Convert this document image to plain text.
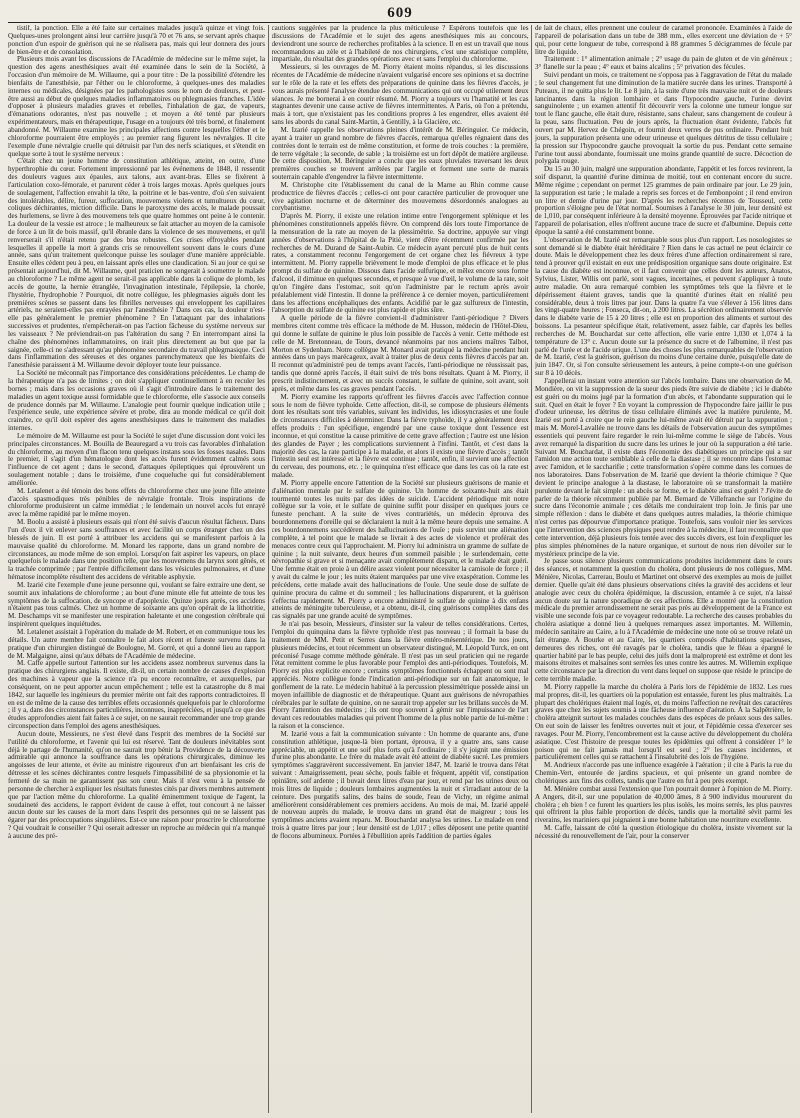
609

tistif, la ponction. Elle a été faite sur certaines malades jusqu'à quinze et vingt fois. Quelques-unes prolongent ainsi leur carrière jusqu'à 70 et 76 ans, se servant après chaque ponction d'un espoir de guérison qui ne se réalisera pas, mais qui leur donnera des jours de bien-être et de consolation.

Plusieurs mois avant les discussions de l'Académie de médecine sur le même sujet, la question des agens anesthésiques avait été examinée dans le sein de la Société, à l'occasion d'un mémoire de M. Willaume, qui a pour titre : De la possibilité d'étendre les bienfaits de l'anesthésie, par l'éther ou le chloroforme, à quelques-unes des maladies internes ou médicales, désignées par les pathologistes sous le nom de douleurs, et peut-être aussi au début de quelques maladies inflammatoires ou phlegmasies franches. L'idée d'opposer à plusieurs maladies graves et rebelles, l'inhalation de gaz, de vapeurs, d'émanations odorantes, n'est pas nouvelle ; et moyen a été tenté par plusieurs expérimentateurs, mais en thérapeutique, l'usage en a toujours été très borné, et finalement abandonné. M. Willaume examine les principales affections contre lesquelles l'éther et le chloroforme pourraient être employés ; au premier rang figurent les névralgies. Il cite l'exemple d'une névralgie cruelle qui détruisit par l'un des nerfs sciatiques, et s'étendit en quelque sorte à tout le système nerveux :

C'était chez un jeune homme de constitution athlétique, atteint, en outre, d'une hyperthrophie du cœur. Fortement impressionné par les événemens de 1848, il ressentit des douleurs vagues aux épaules, aux talons, aux avant-bras. Elles se fixèrent à l'articulation coxo-fémorale, et parurent céder à trois larges moxas. Après quelques jours de soulagement, l'affection envahit la tête, la poitrine et le bas-ventre, d'où s'en suivaient des intolérables, délire, fureur, suffocation, mouvemens violens et tumultueux du cœur, coliques déchirantes, miction difficile. Dans le paroxysme des accès, le malade poussait des hurlemens, se livre à des mouvemens tels que quatre hommes ont peine à le contenir. La douleur de la vessie est atroce ; le malheureux se fait attacher au moyen de la camisole de force à un lit de bois massif, qu'il ébranle dans la violence de ses mouvemens, et qu'il renverserait s'il n'était retenu par des bras robustes. Ces crises effroyables pendant lesquelles il appelle la mort à grands cris se renouvellent souvent dans le cours d'une année, sans qu'un traitement quelconque puisse les soulager d'une manière appréciable. Ensuite elles cèdent peu à peu, en laissant après elles une claudication. Si au jour ce qui se présentait aujourd'hui, dit M. Willaume, quel praticien ne songerait à soumettre le malade au chloroforme ? Le même agent ne serait-il pas applicable dans la colique de plomb, les accès de goutte, la hernie étranglée, l'invagination intestinale, l'épilepsie, la chorée, l'hystérie, l'hydrophobie ? Pourquoi, dit notre collègue, les phlegmasies aiguës dont les premières scènes se passent dans les fibrilles nerveuses qui enveloppent les capillaires artériels, ne seraient-elles pas enrayées par l'anesthésie ? Dans ces cas, la douleur n'est-elle pas généralement le premier phénomène ? En l'attaquant par des inhalations successives et prudentes, n'empêcherait-on pas l'action fâcheuse du système nerveux sur les vaisseaux ? Ne préviendrait-on pas l'altération du sang ? En interrompant ainsi la chaîne des phénomènes inflammatoires, on irait plus directement au but que par la saignée, celle-ci ne s'adressant qu'au phénomène secondaire du travail phlegmasique. Ceci dans l'inflammation des séreuses et des organes parenchymateux que les bienfaits de l'anesthésie paraissent à M. Willaume devoir déployer toute leur puissance.

La Société ne méconnaît pas l'importance des considérations précédentes. Le champ de la thérapeutique n'a pas de limites ; on doit s'appliquer continuellement à en reculer les bornes ; mais dans les occasions graves où il s'agit d'introduire dans le traitement des maladies un agent toxique aussi formidable que le chloroforme, elle s'associe aux conseils de prudence donnés par M. Willaume. L'analogie peut fournir quelque indication utile ; l'expérience seule, une expérience sévère et probe, dira au monde médical ce qu'il doit craindre, ce qu'il doit espérer des agens anesthésiques dans le traitement des maladies internes.

Le mémoire de M. Willaume est pour la Société le sujet d'une discussion dont voici les principales circonstances. M. Bouilla de Beauregard a vu trois cas favorables d'inhalation du chloroforme, au moyen d'un flacon tenu quelques instans sous les fosses nasales. Dans le premier, il s'agit d'un hématologue dont les accès furent évidemment calmés sous l'influence de cet agent ; dans le second, d'attaques épileptiques qui éprouvèrent un soulagement notable ; dans le troisième, d'une coqueluche qui fut considérablement améliorée.

M. Letalenet a été témoin des bons effets du chloroforme chez une jeune fille atteinte d'accès spasmodiques très pénibles de névralgie frontale. Trois inspirations de chloroforme produisirent un calme immédiat ; le lendemain un nouvel accès fut enrayé avec la même rapidité par le même moyen.

M. Boolu a assisté à plusieurs essais qui n'ont été suivis d'aucun résultat fâcheux. Dans l'un d'eux il vit enlever sans souffrances et avec facilité un corps étranger chez un des blessés de juin. Il est porté à attribuer les accidens qui se manifestent parfois à la mauvaise qualité du chloroforme. M. Monard les rapporte, dans un grand nombre de circonstances, au mode même de son emploi. Lorsqu'on fait aspirer les vapeurs, on place quelquefois le malade dans une position telle, que les mouvemens du larynx sont gênés, et la trachée comprimée ; par l'entrée difficilement dans les vésicules pulmonaires, et d'une hématose incomplète résultent des accidens de véritable asphyxie.

M. Izarié cite l'exemple d'une jeune personne qui, voulant se faire extraire une dent, se soumit aux inhalations de chloroforme ; au bout d'une minute elle fut atteinte de tous les symptômes de la suffocation, de syncope et d'apoplexie. Quinze jours après, ces accidens n'étaient pas tous calmés. Chez un homme de soixante ans qu'on opérait de la lithotritie, M. Deschamps vit se manifester une respiration haletante et une congestion cérébrale qui inspirèrent quelques inquiétudes.

M. Letalenet assistait à l'opération du malade de M. Robert, et en communique tous les détails. Un autre membre fait connaître le fait alors récent et funeste survenu dans la pratique d'un chirurgien distingué de Boulogne, M. Gorré, et qui a donné lieu au rapport de M. Malgaigne, ainsi qu'aux débats de l'Académie de médecine.

M. Caffe appelle surtout l'attention sur les accidens assez nombreux survenus dans la pratique des chirurgiens anglais. Il existe, dit-il, un certain nombre de causes d'explosion des machines à vapeur que la science n'a pu encore reconnaître, et auxquelles, par conséquent, on ne peut apporter aucun empêchement ; telle est la catastrophe du 8 mai 1842, sur laquelle les ingénieurs du premier mérite ont fait des rapports contradictoires. Il en est de même de la cause des terribles effets occasionnés quelquefois par le chloroforme ; il y a, dans des circonstances particulières, inconnues, inappréciées, et jusqu'à ce que des études approfondies aient fait faites à ce sujet, on ne saurait recommander une trop grande circonspection dans l'emploi des agens anesthésiques.

Aucun doute, Messieurs, ne s'est élevé dans l'esprit des membres de la Société sur l'utilité du chloroforme, et l'avenir qui lui est réservé. Tant de douleurs inévitables sont déjà le partage de l'humanité, qu'on ne saurait trop bénir la Providence de la découverte admirable qui annonce la souffrance dans les opérations chirurgicales, diminue les angoisses de leur attente, et évite au ministre rigoureux d'un art bienfaisant les cris de détresse et les scènes déchirantes contre lesquels l'impassibilité de sa physionomie et la fermeté de sa main ne garantissent pas son cœur. Mais il n'est venu à la pensée de personne de chercher à expliquer les résultats funestes cités par divers membres autrement que par l'action même du chloroforme. La qualité éminemment toxique de l'agent, la soudaineté des accidens, le rapport évident de cause à effet, tout concourt à ne laisser aucun doute sur les causes de la mort dans l'esprit des personnes qui ne se laissent pas égarer par des préoccupations singulières. Est-ce une raison pour proscrire le chloroforme ? Qui voudrait le conseiller ? Qui oserait adresser un reproche au médecin qui n'a manqué à aucune des pré-

cautions suggérées par la prudence la plus méticuleuse ? Espérons toutefois que les discussions de l'Académie et le sujet des agens anesthésiques mis au concours, deviendront une source de recherches profitables à la science. Il en est un travail que nous recommandons au zèle et à l'habileté de nos chirurgiens, c'est une statistique complète, impartiale, du résultat des grandes opérations avec et sans l'emploi du chloroforme.

Messieurs, si les ouvrages de M. Piorry étaient moins répandus, si les discussions récentes de l'Académie de médecine n'avaient vulgarisé encore ses opinions et sa doctrine sur le rôle de la rate et les effets des préparations de quinine dans les fièvres d'accès, je vous aurais présenté l'analyse étendue des communications qui ont occupé utilement deux séances. Je me bornerai à en courir résumé. M. Piorry a toujours vu l'hamatité et les cas stagnantes devenir une cause active de fièvres intermittentes. A Paris, où l'on a prétendu, mais à tort, que n'existaient pas les conditions propres à les engendrer, elles avaient été sans les abords du canal Saint-Martin, à Gentilly, à la Glacière, etc.

M. Izarié rappelle les observations pleines d'intérêt de M. Béringuier. Ce médecin, ayant à traiter un grand nombre de fièvres d'accès, remarqua qu'elles régnaient dans des contrées dont le terrain est de même constitution, et forme de trois couches : la première, de terre végétale ; la seconde, de sable ; la troisième est un fort dépôt de matière argileuse. De cette disposition, M. Béringuier a conclu que les eaux pluviales traversant les deux premières couches se trouvent arrêtées par l'argile et forment une sorte de marais souterrain capable d'engendrer la fièvre intermittente.

M. Christophe cite l'établissement du canal de la Marne au Rhin comme cause productrice de fièvres d'accès ; celles-ci ont pour caractère particulier de provoquer une vive agitation nocturne et de déterminer des mouvemens désordonnés analogues au corybantisme.

D'après M. Piorry, il existe une relation intime entre l'engorgement splénique et les phénomènes constitutionnels appelés fièvre. On comprend dès lors toute l'importance de la mensuration de la rate au moyen de la plessimétrie. Sa doctrine, appuyée sur vingt années d'observations à l'hôpital de la Pitié, vient d'être récemment confirmée par les recherches de M. Durand de Saint-Aubin. Ce médecin ayant percuté plus de huit cents rates, a constamment reconnu l'engorgement de cet organe chez les fiévreux à type intermittent. M. Piorry rappelle brièvement le mode d'emploi de plus efficace et le plus prompt du sulfate de quinine. Dissous dans l'acide sulfurique, et mêlez encore sous forme d'alcool, il diminue en quelques secondes, et presque à vue d'œil, le volume de la rate, soit qu'on l'ingère dans l'estomac, soit qu'on l'administre par le rectum après avoir préalablement vidé l'intestin. Il donne la préférence à ce dernier moyen, particulièrement dans les affections encéphaliques des enfants. Acidifié par le gaz sulfureux de l'intestin, l'absorption du sulfate de quinine est plus rapide et plus sûre.

A quelle période de la fièvre convient-il d'administrer l'anti-périodique ? Divers membres citent comme très efficace la méthode de M. Husson, médecin de l'Hôtel-Dieu, qui donne le sulfate de quinine le plus loin possible de l'accès à venir. Cette méthode est celle de M. Bretonneau, de Tours, devancé néanmoins par nos anciens maîtres Talbot, Morton et Sydenham. Notre collègue M. Monard avait pratiqué la médecine pendant huit années dans un pays marécageux, avait à traiter plus de deux cents fièvres d'accès par an. Il reconnut qu'administré peu de temps avant l'accès, l'anti-périodique ne réussissait pas, tandis que donné après l'accès, il était suivi de très bons résultats. Quant à M. Piorry, il prescrit indistinctement, et avec un succès constant, le sulfate de quinine, soit avant, soit après, et même dans les cas graves pendant l'accès.

M. Piorry examine les rapports qu'offrent les fièvres d'accès avec l'affection connue sous le nom de fièvre typhoïde. Cette affection, dit-il, se compose de plusieurs éléments dont les résultats sont très variables, suivant les individus, les idiosyncrasies et une foule de circonstances difficiles à déterminer. Dans la fièvre typhoïde, il y a généralement deux effets produits : l'un spécifique, engendré par une cause toxique dont l'essence est inconnue, et qui constitue la cause primitive de cette grave affection ; l'autre est une lésion des glandes de Payer ; les complications surviennent à l'infini. Tantôt, et c'est dans la majorité des cas, la rate participe à la maladie, et alors il existe une fièvre d'accès ; tantôt l'intestin seul est intéressé et la fièvre est continue ; tantôt, enfin, il survient une affection du cerveau, des poumons, etc. ; le quinquina n'est efficace que dans les cas où la rate est malade.

M. Piorry appelle encore l'attention de la Société sur plusieurs guérisons de manie et d'aliénation mentale par le sulfate de quinine. Un homme de soixante-huit ans était tourmenté toutes les nuits par des idées de suicide. L'accident périodique mit notre collègue sur la voie, et le sulfate de quinine suffit pour dissiper en quelques jours ce funeste penchant. A la suite de vives contrariétés, un médecin éprouva des bourdonnemens d'oreille qui se déclaraient la nuit à la même heure depuis une semaine. A ces bourdonnemens succédèrent des hallucinations de l'ouïe ; puis survint une aliénation complète, à tel point que le malade se livrait à des actes de violence et proférait des menaces contre ceux qui l'approchaient. M. Piorry lui administra un gramme de sulfate de quinine ; la nuit suivante, deux heures d'un sommeil paisible ; le surlendemain, cette névropathie si grave et si menaçante avait complètement disparu, et le malade était guéri. Une femme était en proie à un délire assez violent pour nécessiter la camisole de force ; il y avait du calme le jour ; les nuits étaient marquées par une vive exaspération. Comme les précédens, cette malade avait des hallucinations de l'ouïe. Une seule dose de sulfate de quinine procura du calme et du sommeil ; les hallucinations disparurent, et la guérison s'effectua rapidement. M. Piorry a encore administré le sulfate de quinine à dix enfans atteints de méningite tuberculeuse, et a obtenu, dit-il, cinq guérisons complètes dans des cas signalés par une grande acuité de symptômes.

Je n'ai pas besoin, Messieurs, d'insister sur la valeur de telles considérations. Certes, l'emploi du quinquina dans la fièvre typhoïde n'est pas nouveau ; il formait la base du traitement de MM. Petit et Serres dans la fièvre entéro-mésentérique. De nos jours, plusieurs médecins, et tout récemment un observateur distingué, M. Léopold Turck, en ont préconisé l'usage comme méthode générale. Il n'est pas un seul praticien qui ne regarde l'état remittent comme le plus favorable pour l'emploi des anti-périodiques. Toutefois, M. Piorry est plus explicite encore ; certains symptômes fonctionnels échappent ou sont mal appréciés. Notre collègue fonde l'indication anti-périodique sur un fait anatomique, le gonflement de la rate. Le médecin habitué à la percussion plessimétrique possède ainsi un moyen infaillible de diagnostic et de thérapeutique. Quant aux guérisons de névropathies cérébrales par le sulfate de quinine, on ne saurait trop appeler sur les brillans succès de M. Piorry l'attention des médecins ; ils ont trop souvent à gémir sur l'impuissance de l'art devant ces redoutables maladies qui privent l'homme de la plus noble partie de lui-même : la raison et la conscience.

M. Izarié vous a fait la communication suivante : Un homme de quarante ans, d'une constitution athlétique, jusque-là bien portant, éprouva, il y a quatre ans, sans cause appréciable, un appétit et une soif plus forts qu'à l'ordinaire ; il s'y joignit une émission d'urine plus abondante. Le frère du malade avait été atteint de diabète sucré. Les premiers symptômes s'aggravèrent successivement. En janvier 1847, M. Izarié le trouva dans l'état suivant : Amaigrissement, peau sèche, pouls faible et fréquent, appétit vif, constipation opiniâtre, soif ardente ; il buvait deux litres d'eau par jour, et rend par les urines deux ou trois litres de liquide ; douleurs lombaires augmentées la nuit et s'irradiant autour de la ceinture. Des purgatifs salins, des bains de soude, l'eau de Vichy, un régime animal améliorèrent considérablement ces premiers accidens. Au mois de mai, M. Izarié appelé de nouveau auprès du malade, le trouva dans un grand état de maigreur ; tous les symptômes anciens avaient reparu. M. Bouchardat analysa les urines. Le malade en rend trois à quatre litres par jour ; leur densité est de 1,017 ; elles déposent une petite quantité de flocons albumineux. Portées à l'ébullition après l'addition de parties égales

de lait de chaux, elles prennent une couleur de caramel prononcée. Examinées à l'aide de l'appareil de polarisation dans un tube de 388 mm., elles exercent une déviation de + 5° qui, pour cette longueur de tube, correspond à 88 grammes 5 décigrammes de fécule par litre de liquide.

Traitement : 1° alimentation animale ; 2° usage du pain de gluten et de vin généreux ; 3° flanelle sur la peau ; 4° eaux et bains alcalins ; 5° privation des fécules.

Suivi pendant un mois, ce traitement ne s'opposa pas à l'aggravation de l'état du malade ; le seul changement fut une diminution de la matière sucrée dans les urines. Transporté à Puteaux, il ne quitta plus le lit. Le 8 juin, à la suite d'une très mauvaise nuit et de douleurs lancinantes dans la région lombaire et dans l'hypocondre gauche, l'urine devint sanguinolente ; un examen attentif fit découvrir vers la colonne une tumeur longue sur tout le flanc gauche, elle était dure, résistante, sans chaleur, sans changement de couleur à la peau, sans fluctuation. Peu de jours après, la fluctuation étant évidente, l'abcès fut ouvert par M. Hervez de Chégoin, et fournit deux verres de pus ordinaire. Pendant huit jours, la suppuration présenta une odeur urineuse et quelques détritus de tissu cellulaire ; la pression sur l'hypocondre gauche provoquait la sortie du pus. Pendant cette semaine l'urine tout aussi abondante, fournissait une moins grande quantité de sucre. Décoction de polygala rouge.

Du 15 au 30 juin, malgré une suppuration abondante, l'appétit et les forces revinrent, la soif disparut, la quantité d'urine diminua de moitié, tout en contenant encore du sucre. Même régime ; cependant on permet 125 grammes de pain ordinaire par jour. Le 29 juin, la suppuration est tarie ; le malade a repris ses forces et de l'embonpoint ; il rend environ un litre et demie d'urine par jour. D'après les recherches récentes de Tousseul, cette proportion s'éloigne peu de l'état normal. Soumises à l'analyse le 30 juin, leur densité est de 1,010, par conséquent inférieure à la densité moyenne. Éprouvées par l'acide nitrique et l'appareil de polarisation, elles n'offrent aucune trace de sucre et d'albumine. Depuis cette époque la santé a été constamment bonne.

L'observation de M. Izarié est remarquable sous plus d'un rapport. Les nosologistes se sont demandé si le diabète était héréditaire ? Rien dans le cas actuel ne peut éclaircir ce doute. Mais le développement chez les deux frères d'une affection ordinairement si rare, tend à prouver qu'il existait en eux une prédisposition organique sans doute originaire. Est la cause du diabète est inconnue, et il faut convenir que celles dont les auteurs, Anatos, Sylvius, Lister, Willis ont parlé, sont vagues, incertaines, et peuvent s'appliquer à toute autre maladie. On aura remarqué combien les symptômes tels que la fièvre et le dépérissement étaient graves, tandis que la quantité d'urines était en réalité peu considérable, deux à trois litres par jour. Dans la quatre l'a vue s'élever à 156 litres dans les vingt-quatre heures ; Fonseca, dit-on, à 200 litres. La sécrétion ordinairement observée dans le diabète varie de 15 à 20 litres ; elle est en proportion des aliments et surtout des boissons. La pesanteur spécifique était, relativement, assez faible, car d'après les belles recherches de M. Bouchardat sur cette affection, elle varie entre 1,030 et 1,074 à la température de 13° c. Aucun doute sur la présence du sucre et de l'albumine, il n'est pas parlé de l'urée et de l'acide urique. L'une des choses les plus remarquables de l'observation de M. Izarié, c'est la guérison, guérison du moins d'une certaine durée, puisqu'elle date de juin 1847. Or, si l'on consulte sérieusement les auteurs, à peine compte-t-on une guérison sur 8 à 10 décès.

J'appellerai un instant votre attention sur l'abcès lombaire. Dans une observation de M. Mondière, on vit la suppression de la sueur des pieds être suivie de diabète ; ici le diabète est guéri ou du moins jugé par la formation d'un abcès, et l'abondante suppuration qui le suit. Quel en était le foyer ? En voyant la compression de l'hypocondre faire jaillir le pus d'odeur urineuse, les détritus de tissu cellulaire éliminés avec la matière purulente, M. Izarié est porté à croire que le rein gauche lui-même avait été détruit par la suppuration ; mais M. Morel-Lavallée ne trouve dans les détails de l'observation aucun des symptômes essentiels qui peuvent faire regarder le rein lui-même comme le siège de l'abcès. Vous avez remarqué la disparition du sucre dans les urines le jour où la suppuration a été tarie. Suivant M. Bouchardat, il existe dans l'économie des diabétiques un principe qui a sur l'amidon une action toute semblable à celle de la diastase ; il se rencontre dans l'estomac avec l'amidon, et le saccharifie ; cette transformation s'opère comme dans les cornues de nos laboratoires. Dans l'observation de M. Izarié que devient la théorie chimique ? Que devient le principe analogue à la diastase, le laboratoire où se transformait la matière purulente devant le fait simple : un abcès se forme, et le diabète ainsi est guéri ? J'évite de parler de la théorie récemment publiée par M. Bernard de Villefranche sur l'origine du sucre dans l'économie animale ; ces détails me conduiraient trop loin. Je finis par une simple réflexion : dans le diabète et dans quelques autres maladies, la théorie chimique n'est certes pas dépourvue d'importance pratique. Toutefois, sans vouloir nier les services que l'intervention des sciences physiques peut rendre à la médecine, il faut reconnaître que cette intervention, déjà plusieurs fois tentée avec des succès divers, est loin d'expliquer les plus simples phénomènes de la nature organique, et surtout de nous rien dévoiler sur le mystérieux principe de la vie.

Je passe sous silence plusieurs communications produites incidemment dans le cours des séances, et notamment la question du choléra, dont plusieurs de nos collègues, MM. Ménière, Nicolas, Carrerau, Boulu et Martinet ont observé des exemples au mois de juillet dernier. Quelle qu'ait été dans plusieurs observations citées la gravité des accidens et leur analogie avec ceux du choléra épidémique, la discussion, entamée à ce sujet, n'a laissé aucun doute sur la nature sporadique de ces affections. Elle a montré que la constitution médicale du premier arrondissement ne serait pas près au développement de la France est visible une seconde fois par ce voyageur redoutable. La recherche des causes probables du choléra asiatique a donné lieu à quelques remarques assez importantes. M. Willemin, médecin sanitaire au Caire, a lu à l'Académie de médecine une note où se trouve relaté un fait étrange. À Bourke et au Caire, les quartiers composés d'habitations spacieuses, demeures des riches, ont été ravagés par le choléra, tandis que le fléau a épargné le quartier habité par le bas peuple, celui des juifs dont la malpropreté est extrême et dont les maisons étroites et malsaines sont serrées les unes contre les autres. M. Willemin explique cette circonstance par la direction du vent dans lequel on suppose que réside le principe de cette terrible maladie.

M. Piorry rappelle la marche du choléra à Paris lors de l'épidémie de 1832. Les rues mal propres, dit-il, les quartiers où la population est entassée, furent les plus maltraités. La plupart des cholériques étaient mal logés, et, du moins l'affection ne revêtait des caractères graves que chez les sujets soumis à une fâcheuse influence d'aération. À la Salpêtrière, le choléra atteignit surtout les malades couchées dans des espèces de préaux sous des salles. On eut soin de laisser les fenêtres ouvertes nuit et jour, et l'épidémie cessa d'exercer ses ravages. Pour M. Piorry, l'encombrement est la cause active du développement du choléra asiatique. C'est l'histoire de presque toutes les épidémies qui offrent à considérer 1° le poison qui ne fait jamais mal lorsqu'il est seul ; 2° les causes incidentes, et particulièrement celles qui se rattachent à l'insalubrité des lois de l'hygiène.

M. Andrieux n'accorde pas une influence exagérée à l'aération ; il cite à Paris la rue du Chemin-Vert, entourée de jardins spacieux, et qui présente un grand nombre de cholériques aux fins des collets, tandis que l'autre en fut à peu près exempt.

M. Ménière combat aussi l'extension que l'on pourrait donner à l'opinion de M. Piorry. A Angers, dit-il, sur une population de 40,000 âmes, 8 à 900 individus moururent du choléra ; eh bien ! ce furent les quartiers les plus isolés, les moins serrés, les plus pauvres qui offrirent la plus faible proportion de décès, tandis que la mortalité sévit parmi les riverains, les mariniers qui joignaient à une bonne habitation une nourriture excellente.

M. Caffe, laissant de côté la question étiologique du choléra, insiste vivement sur la nécessité du renouvellement de l'air, pour la conserver
